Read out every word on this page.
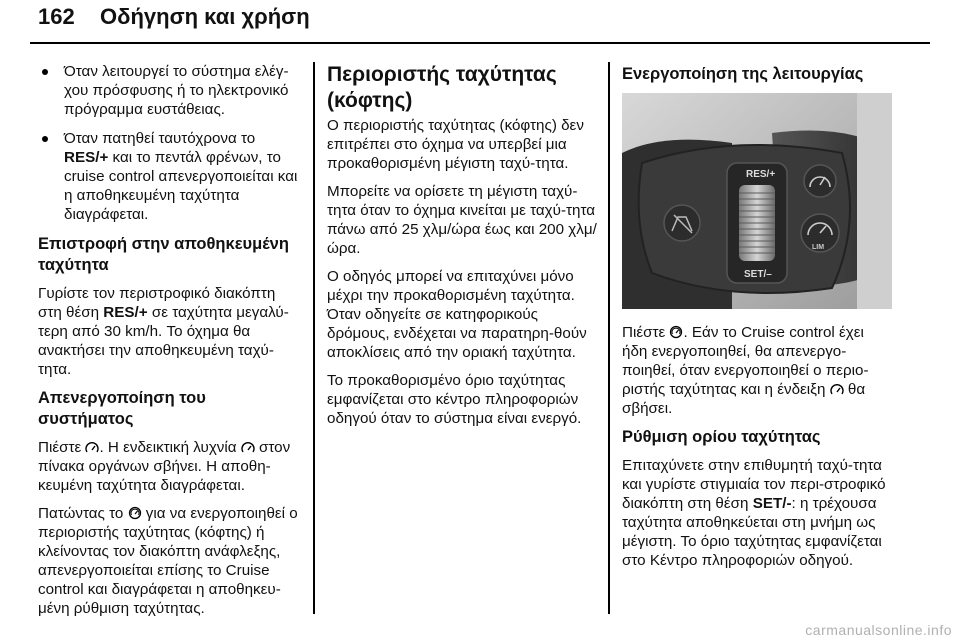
162 Οδήγηση και χρήση
Όταν λειτουργεί το σύστημα ελέγ-χου πρόσφυσης ή το ηλεκτρονικό πρόγραμμα ευστάθειας.
Όταν πατηθεί ταυτόχρονα το RES/+ και το πεντάλ φρένων, το cruise control απενεργοποιείται και η αποθηκευμένη ταχύτητα διαγράφεται.
Επιστροφή στην αποθηκευμένη ταχύτητα

Γυρίστε τον περιστροφικό διακόπτη στη θέση RES/+ σε ταχύτητα μεγαλύ-τερη από 30 km/h. Το όχημα θα ανακτήσει την αποθηκευμένη ταχύ-τητα.

Απενεργοποίηση του συστήματος

Πιέστε . Η ενδεικτική λυχνία  στον πίνακα οργάνων σβήνει. Η αποθη-κευμένη ταχύτητα διαγράφεται.

Πατώντας το  για να ενεργοποιηθεί ο περιοριστής ταχύτητας (κόφτης) ή κλείνοντας τον διακόπτη ανάφλεξης, απενεργοποιείται επίσης το Cruise control και διαγράφεται η αποθηκευ-μένη ρύθμιση ταχύτητας.

Περιοριστής ταχύτητας (κόφτης)

Ο περιοριστής ταχύτητας (κόφτης) δεν επιτρέπει στο όχημα να υπερβεί μια προκαθορισμένη μέγιστη ταχύ-τητα.

Μπορείτε να ορίσετε τη μέγιστη ταχύ-τητα όταν το όχημα κινείται με ταχύ-τητα πάνω από 25 χλμ/ώρα έως και 200 χλμ/ώρα.

Ο οδηγός μπορεί να επιταχύνει μόνο μέχρι την προκαθορισμένη ταχύτητα. Όταν οδηγείτε σε κατηφορικούς δρόμους, ενδέχεται να παρατηρη-θούν αποκλίσεις από την οριακή ταχύτητα.

Το προκαθορισμένο όριο ταχύτητας εμφανίζεται στο κέντρο πληροφοριών οδηγού όταν το σύστημα είναι ενεργό.

Ενεργοποίηση της λειτουργίας
RES/+
SET/–
LIM

Πιέστε . Εάν το Cruise control έχει ήδη ενεργοποιηθεί, θα απενεργο-ποιηθεί, όταν ενεργοποιηθεί ο περιο-ριστής ταχύτητας και η ένδειξη  θα σβήσει.

Ρύθμιση ορίου ταχύτητας

Επιταχύνετε στην επιθυμητή ταχύ-τητα και γυρίστε στιγμιαία τον περι-στροφικό διακόπτη στη θέση SET/-: η τρέχουσα ταχύτητα αποθηκεύεται στη μνήμη ως μέγιστη. Το όριο ταχύτητας εμφανίζεται στο Κέντρο πληροφοριών οδηγού.

carmanualsonline.info
